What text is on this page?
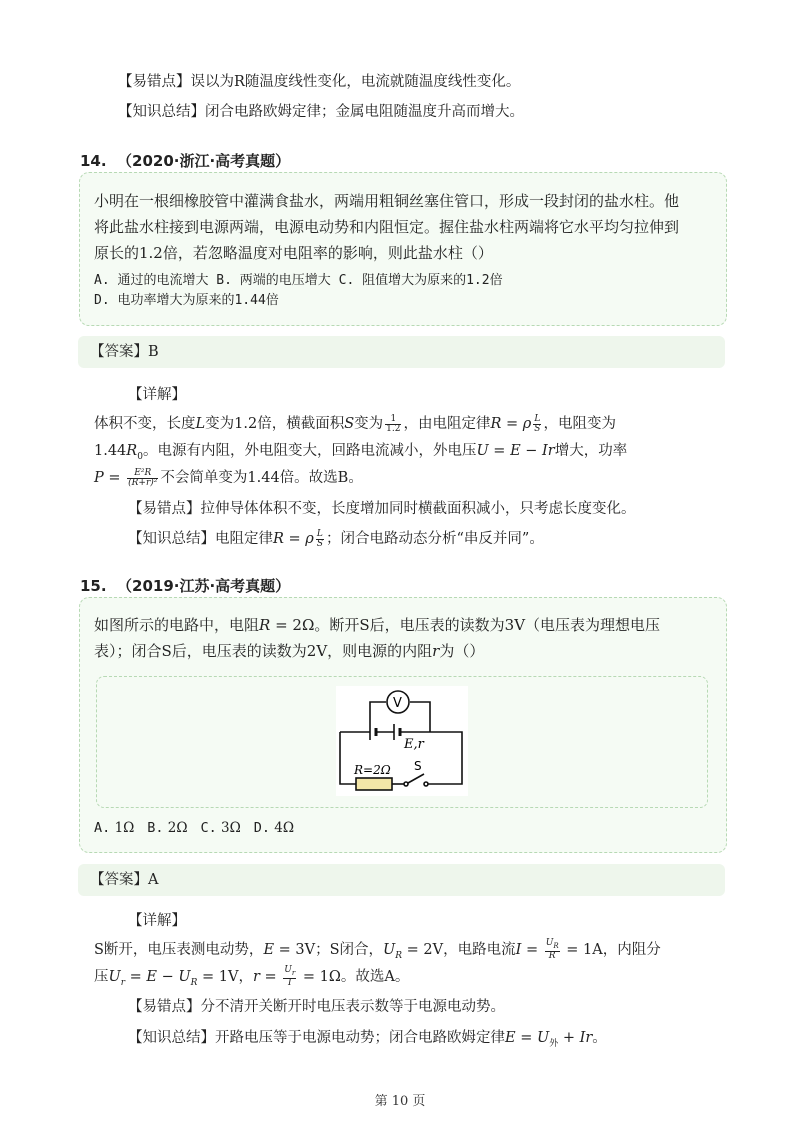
【易错点】误以为R随温度线性变化，电流就随温度线性变化。
【知识总结】闭合电路欧姆定律；金属电阻随温度升高而增大。
14. （2020·浙江·高考真题）
小明在一根细橡胶管中灌满食盐水，两端用粗铜丝塞住管口，形成一段封闭的盐水柱。他
将此盐水柱接到电源两端，电源电动势和内阻恒定。握住盐水柱两端将它水平均匀拉伸到
原长的1.2倍，若忽略温度对电阻率的影响，则此盐水柱（）
A. 通过的电流增大 B. 两端的电压增大 C. 阻值增大为原来的1.2倍
D. 电功率增大为原来的1.44倍
【答案】B
【详解】
体积不变，长度L变为1.2倍，横截面积S变为 $\frac{1}{1.2}$ ，由电阻定律R = ρ $\frac{L}{S}$ ，电阻变为
$1.44R_0$。电源有内阻，外电阻变大，回路电流减小，外电压U = E − Ir增大，功率
$P = \frac{\text{E²R}}{\text{(R+r)²}}$ 不会简单变为1.44倍。故选B。
【易错点】拉伸导体体积不变，长度增加同时横截面积减小，只考虑长度变化。
【知识总结】电阻定律R = ρ $\frac{L}{S}$ ；闭合电路动态分析“串反并同”。
15. （2019·江苏·高考真题）
如图所示的电路中，电阻R = 2Ω。断开S后，电压表的读数为3V（电压表为理想电压
表）；闭合S后，电压表的读数为2V，则电源的内阻r为（）
V
E,r
R=2Ω S
A. 1Ω B. 2Ω C. 3Ω D. 4Ω
【答案】A
【详解】
S断开，电压表测电动势，E = 3V；S闭合，$U_R = 2V$，电路电流$I = \frac{U_R}{R} = 1A$，内阻分
压$U_r = E - U_R = 1V$，$r = \frac{U_r}{I} = 1\Omega$。故选A。
【易错点】分不清开关断开时电压表示数等于电源电动势。
【知识总结】开路电压等于电源电动势；闭合电路欧姆定律$E = U_外 + Ir$。
第 10 页
